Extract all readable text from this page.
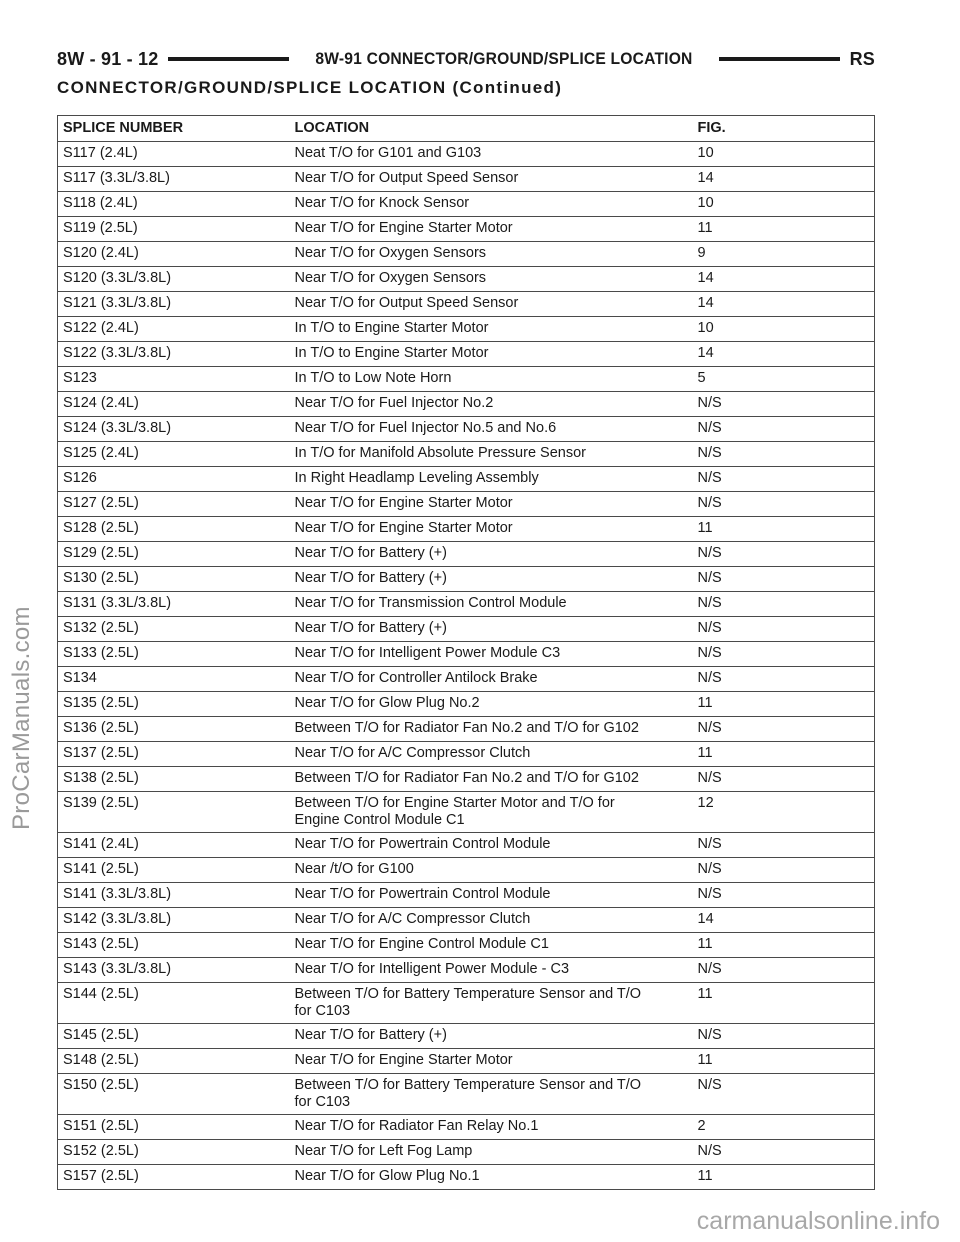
8W - 91 - 12	8W-91 CONNECTOR/GROUND/SPLICE LOCATION	RS
CONNECTOR/GROUND/SPLICE LOCATION (Continued)
SPLICE NUMBER	LOCATION	FIG.
S117 (2.4L)	Neat T/O for G101 and G103	10
S117 (3.3L/3.8L)	Near T/O for Output Speed Sensor	14
S118 (2.4L)	Near T/O for Knock Sensor	10
S119 (2.5L)	Near T/O for Engine Starter Motor	11
S120 (2.4L)	Near T/O for Oxygen Sensors	9
S120 (3.3L/3.8L)	Near T/O for Oxygen Sensors	14
S121 (3.3L/3.8L)	Near T/O for Output Speed Sensor	14
S122 (2.4L)	In T/O to Engine Starter Motor	10
S122 (3.3L/3.8L)	In T/O to Engine Starter Motor	14
S123	In T/O to Low Note Horn	5
S124 (2.4L)	Near T/O for Fuel Injector No.2	N/S
S124 (3.3L/3.8L)	Near T/O for Fuel Injector No.5 and No.6	N/S
S125 (2.4L)	In T/O for Manifold Absolute Pressure Sensor	N/S
S126	In Right Headlamp Leveling Assembly	N/S
S127 (2.5L)	Near T/O for Engine Starter Motor	N/S
S128 (2.5L)	Near T/O for Engine Starter Motor	11
S129 (2.5L)	Near T/O for Battery (+)	N/S
S130 (2.5L)	Near T/O for Battery (+)	N/S
S131 (3.3L/3.8L)	Near T/O for Transmission Control Module	N/S
S132 (2.5L)	Near T/O for Battery (+)	N/S
S133 (2.5L)	Near T/O for Intelligent Power Module C3	N/S
S134	Near T/O for Controller Antilock Brake	N/S
S135 (2.5L)	Near T/O for Glow Plug No.2	11
S136 (2.5L)	Between T/O for Radiator Fan No.2 and T/O for G102	N/S
S137 (2.5L)	Near T/O for A/C Compressor Clutch	11
S138 (2.5L)	Between T/O for Radiator Fan No.2 and T/O for G102	N/S
S139 (2.5L)	Between T/O for Engine Starter Motor and T/O for
Engine Control Module C1	12
S141 (2.4L)	Near T/O for Powertrain Control Module	N/S
S141 (2.5L)	Near /t/O for G100	N/S
S141 (3.3L/3.8L)	Near T/O for Powertrain Control Module	N/S
S142 (3.3L/3.8L)	Near T/O for A/C Compressor Clutch	14
S143 (2.5L)	Near T/O for Engine Control Module C1	11
S143 (3.3L/3.8L)	Near T/O for Intelligent Power Module - C3	N/S
S144 (2.5L)	Between T/O for Battery Temperature Sensor and T/O
for C103	11
S145 (2.5L)	Near T/O for Battery (+)	N/S
S148 (2.5L)	Near T/O for Engine Starter Motor	11
S150 (2.5L)	Between T/O for Battery Temperature Sensor and T/O
for C103	N/S
S151 (2.5L)	Near T/O for Radiator Fan Relay No.1	2
S152 (2.5L)	Near T/O for Left Fog Lamp	N/S
S157 (2.5L)	Near T/O for Glow Plug No.1	11
ProCarManuals.com
carmanualsonline.info
